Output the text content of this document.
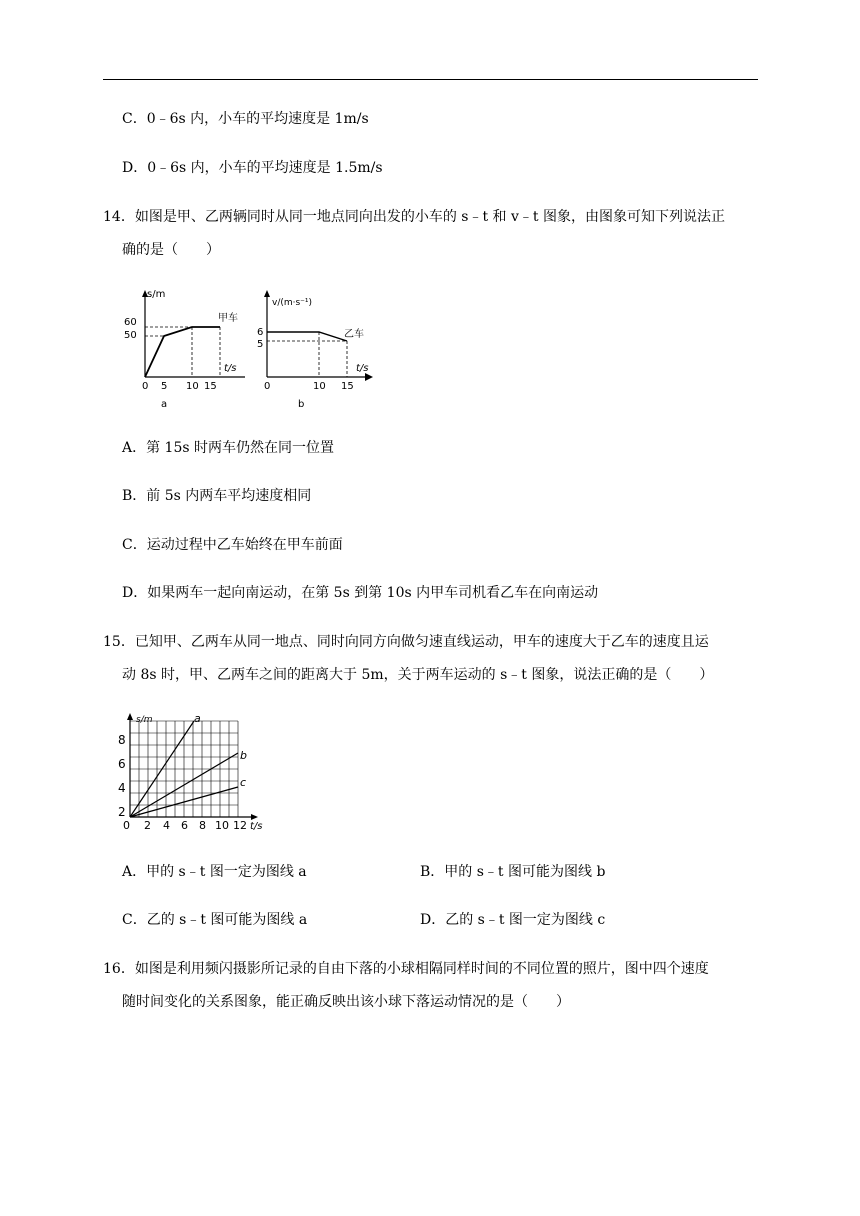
C．0﹣6s 内，小车的平均速度是 1m/s
D．0﹣6s 内，小车的平均速度是 1.5m/s
14．如图是甲、乙两辆同时从同一地点同向出发的小车的 s﹣t 和 v﹣t 图象，由图象可知下列说法正
确的是（　　）
s/m
甲车
60
50
t/s
0 5 10 15
a
v/(m·s⁻¹)
乙车
6
5
t/s
0	10 15
b
A．第 15s 时两车仍然在同一位置
B．前 5s 内两车平均速度相同
C．运动过程中乙车始终在甲车前面
D．如果两车一起向南运动，在第 5s 到第 10s 内甲车司机看乙车在向南运动
15．已知甲、乙两车从同一地点、同时向同方向做匀速直线运动，甲车的速度大于乙车的速度且运
动 8s 时，甲、乙两车之间的距离大于 5m，关于两车运动的 s﹣t 图象，说法正确的是（　　）
s/m	a
b
c
8
6
4
2
0 2 4 6 8 10 12 t/s
A．甲的 s﹣t 图一定为图线 a	B．甲的 s﹣t 图可能为图线 b
C．乙的 s﹣t 图可能为图线 a	D．乙的 s﹣t 图一定为图线 c
16．如图是利用频闪摄影所记录的自由下落的小球相隔同样时间的不同位置的照片，图中四个速度
随时间变化的关系图象，能正确反映出该小球下落运动情况的是（　　）
